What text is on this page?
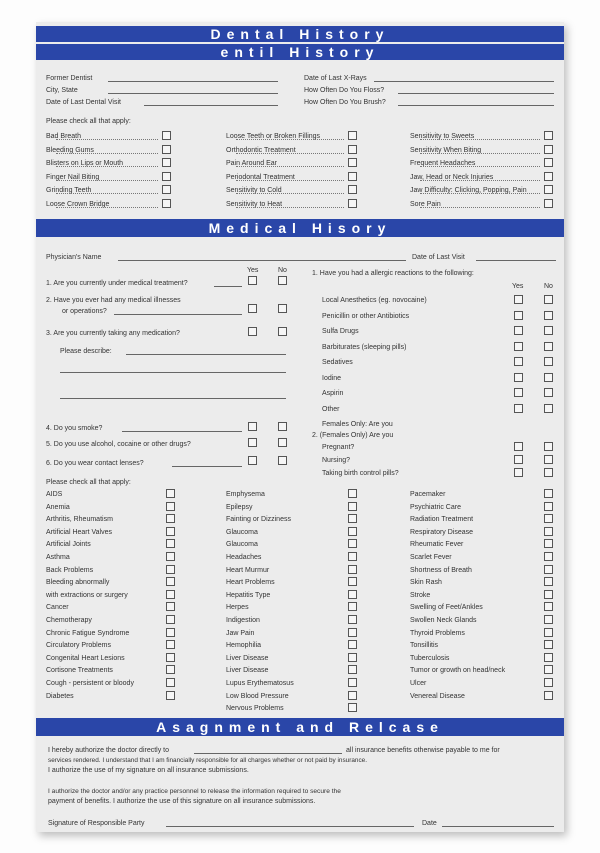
Dental History
entil History
Former Dentist	Date of Last X-Rays
City, State	How Often Do You Floss?
Date of Last Dental Visit	How Often Do You Brush?
Please check all that apply:
Bad Breath
Bleeding Gums
Blisters on Lips or Mouth
Finger Nail Biting
Grinding Teeth
Loose Crown Bridge
Loose Teeth or Broken Fillings
Orthodontic Treatment
Pain Around Ear
Periodontal Treatment
Sensitivity to Cold
Sensitivity to Heat
Sensitivity to Sweets
Sensitivity When Biting
Frequent Headaches
Jaw, Head or Neck Injuries
Jaw Difficulty: Clicking, Popping, Pain
Sore Pain
Medical Hisory
Physician's Name	Date of Last Visit
Yes	No
1. Are you currently under medical treatment?
2. Have you ever had any medical illnesses
or operations?
3. Are you currently taking any medication?
Please describe:
4. Do you smoke?
5. Do you use alcohol, cocaine or other drugs?
6. Do you wear contact lenses?
1. Have you had a allergic reactions to the following:
Yes	No
Local Anesthetics (eg. novocaine)
Penicillin or other Antibiotics
Sulfa Drugs
Barbiturates (sleeping pills)
Sedatives
Iodine
Aspirin
Other
Females Only: Are you
2. (Females Only) Are you
Pregnant?
Nursing?
Taking birth control pills?
Please check all that apply:
AIDS
Anemia
Arthritis, Rheumatism
Artificial Heart Valves
Artificial Joints
Asthma
Back Problems
Bleeding abnormally
with extractions or surgery
Cancer
Chemotherapy
Chronic Fatigue Syndrome
Circulatory Problems
Congenital Heart Lesions
Cortisone Treatments
Cough - persistent or bloody
Diabetes
Emphysema
Epilepsy
Fainting or Dizziness
Glaucoma
Glaucoma
Headaches
Heart Murmur
Heart Problems
Hepatitis Type
Herpes
Indigestion
Jaw Pain
Hemophilia
Liver Disease
Liver Disease
Lupus Erythematosus
Low Blood Pressure
Nervous Problems
Pacemaker
Psychiatric Care
Radiation Treatment
Respiratory Disease
Rheumatic Fever
Scarlet Fever
Shortness of Breath
Skin Rash
Stroke
Swelling of Feet/Ankles
Swollen Neck Glands
Thyroid Problems
Tonsillitis
Tuberculosis
Tumor or growth on head/neck
Ulcer
Venereal Disease
Asagnment and Relcase
I hereby authorize the doctor directly to	all insurance benefits otherwise payable to me for
services rendered. I understand that I am financially responsible for all charges whether or not paid by insurance.
I authorize the use of my signature on all insurance submissions.
I authorize the doctor and/or any practice personnel to release the information required to secure the
payment of benefits. I authorize the use of this signature on all insurance submissions.
Signature of Responsible Party	Date
